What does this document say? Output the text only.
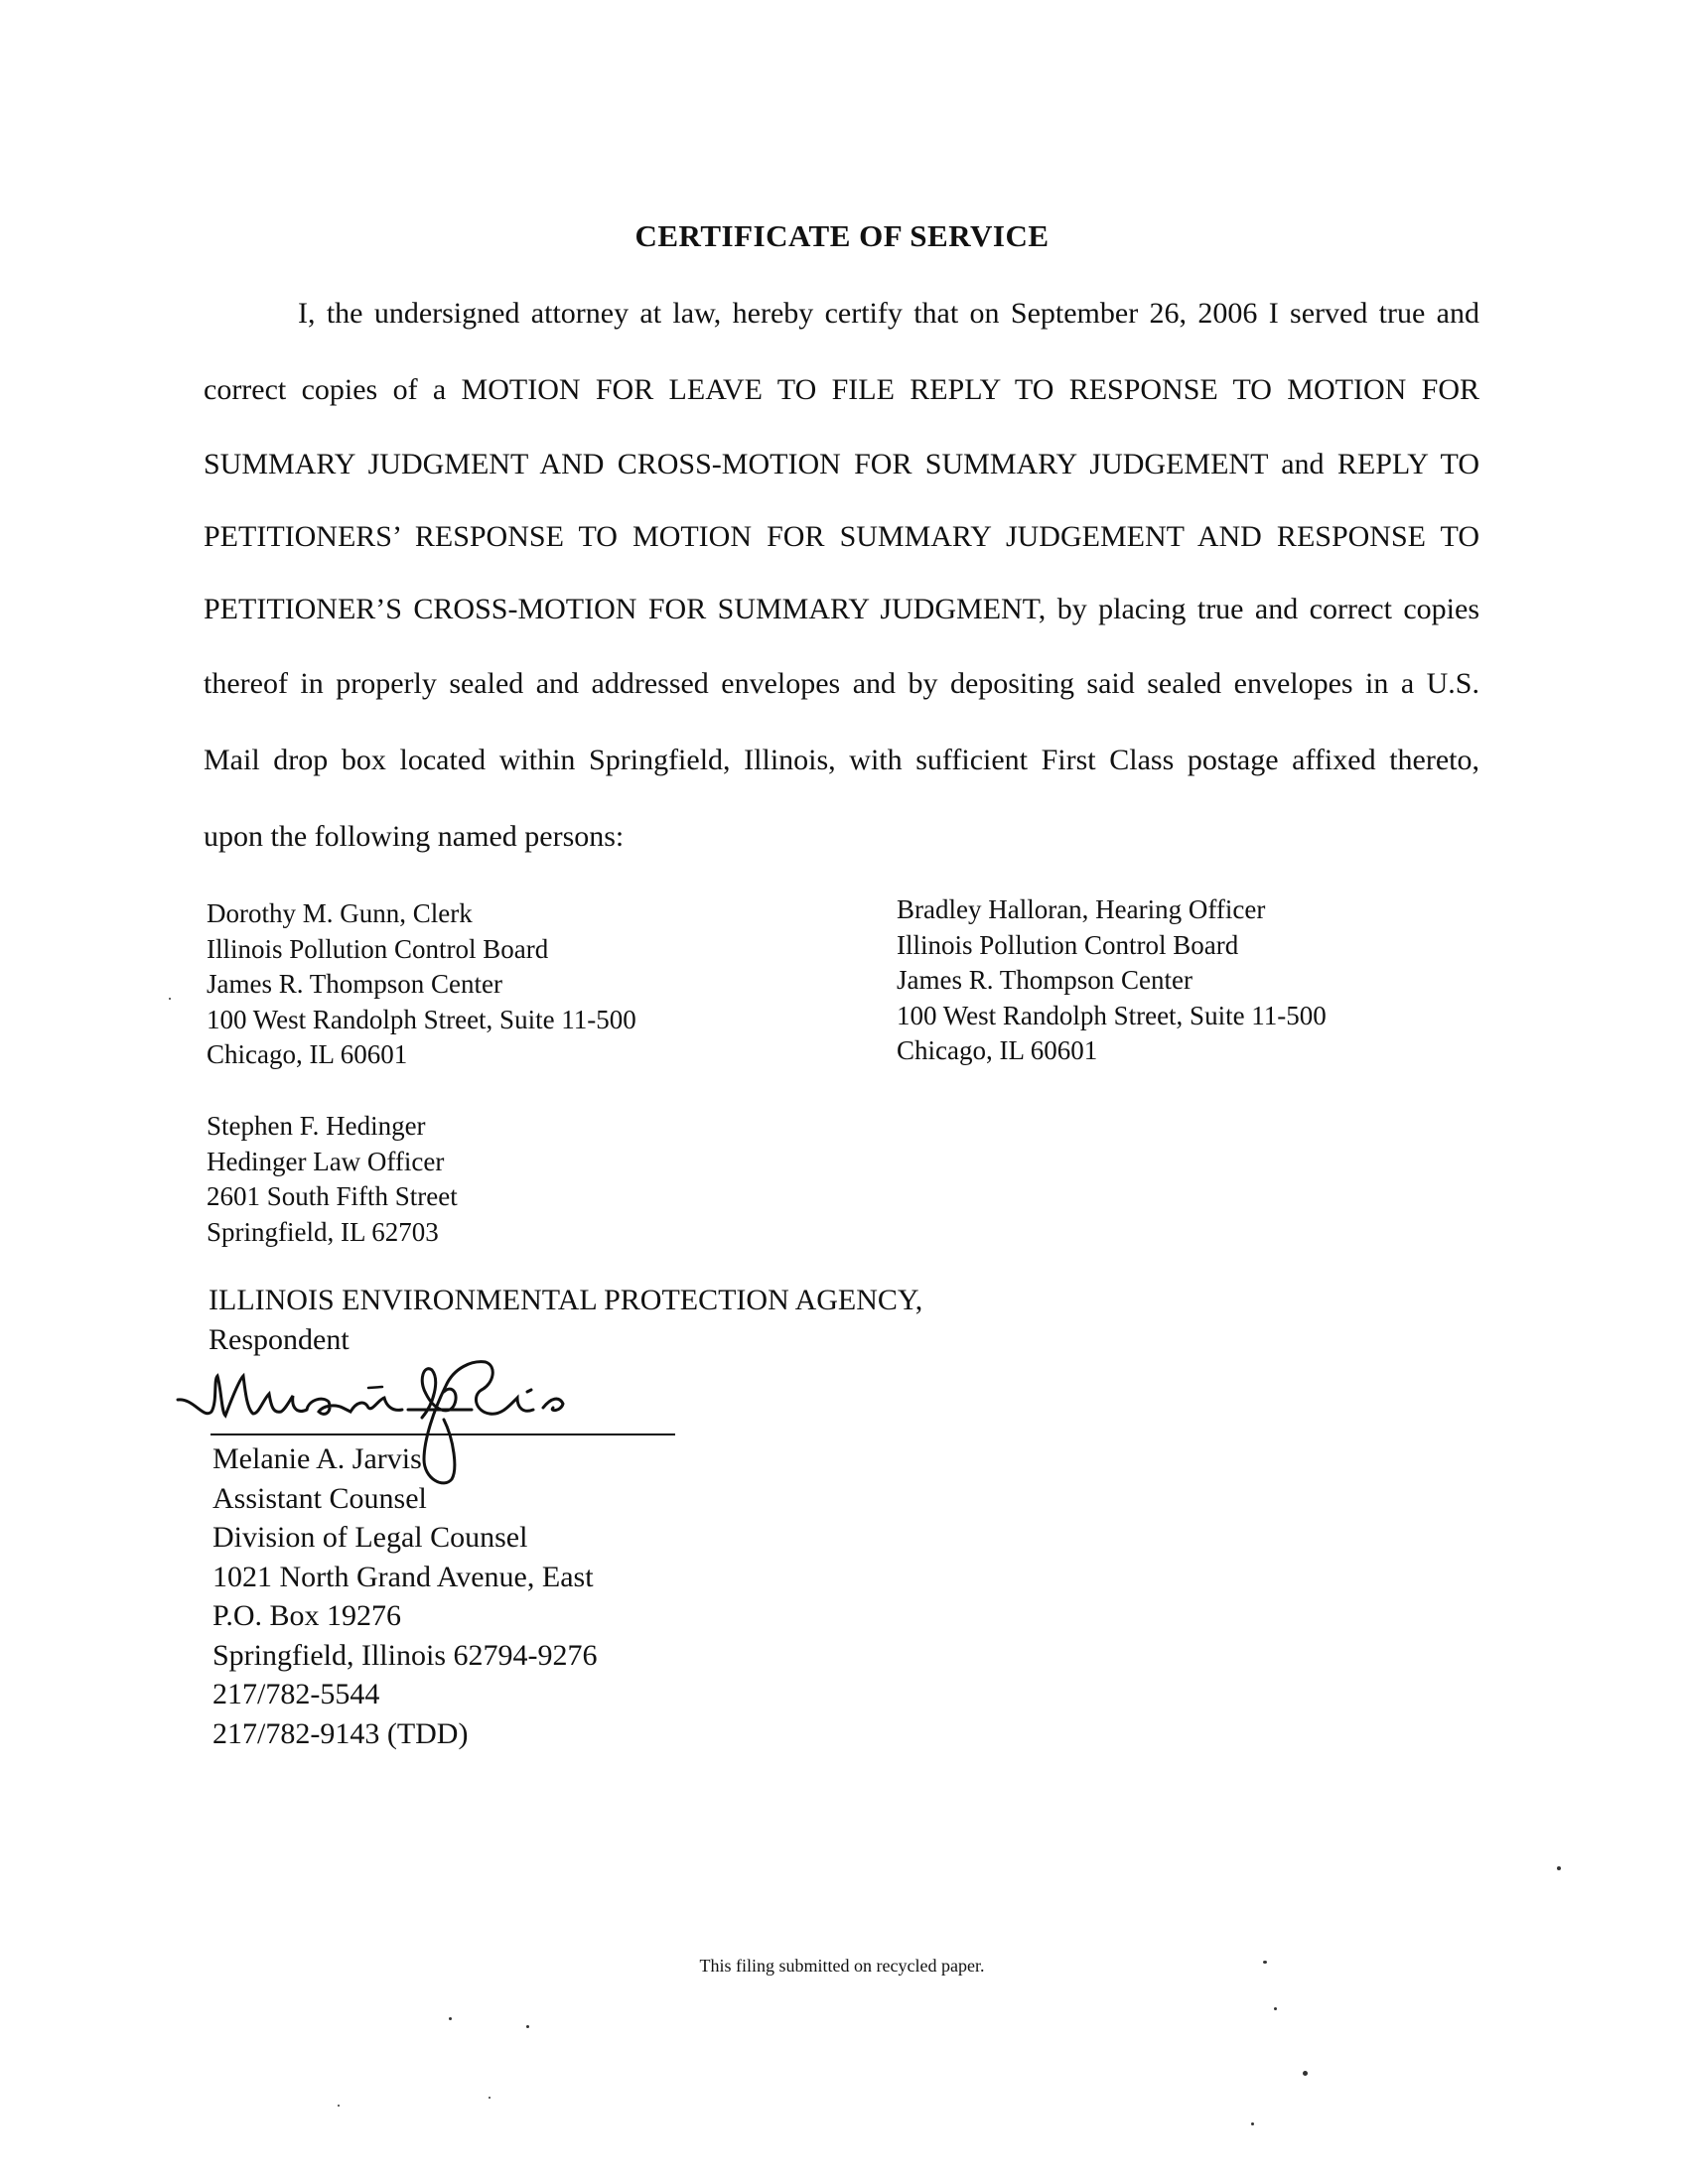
CERTIFICATE OF SERVICE
I, the undersigned attorney at law, hereby certify that on September 26, 2006 I served true and
correct copies of a MOTION FOR LEAVE TO FILE REPLY TO RESPONSE TO MOTION FOR
SUMMARY JUDGMENT AND CROSS-MOTION FOR SUMMARY JUDGEMENT and REPLY TO
PETITIONERS’ RESPONSE TO MOTION FOR SUMMARY JUDGEMENT AND RESPONSE TO
PETITIONER’S CROSS-MOTION FOR SUMMARY JUDGMENT, by placing true and correct copies
thereof in properly sealed and addressed envelopes and by depositing said sealed envelopes in a U.S.
Mail drop box located within Springfield, Illinois, with sufficient First Class postage affixed thereto,
upon the following named persons:
Dorothy M. Gunn, Clerk
Illinois Pollution Control Board
James R. Thompson Center
100 West Randolph Street, Suite 11-500
Chicago, IL 60601
Bradley Halloran, Hearing Officer
Illinois Pollution Control Board
James R. Thompson Center
100 West Randolph Street, Suite 11-500
Chicago, IL 60601
Stephen F. Hedinger
Hedinger Law Officer
2601 South Fifth Street
Springfield, IL 62703
ILLINOIS ENVIRONMENTAL PROTECTION AGENCY,
Respondent
Melanie A. Jarvis
Assistant Counsel
Division of Legal Counsel
1021 North Grand Avenue, East
P.O. Box 19276
Springfield, Illinois 62794-9276
217/782-5544
217/782-9143 (TDD)
This filing submitted on recycled paper.
